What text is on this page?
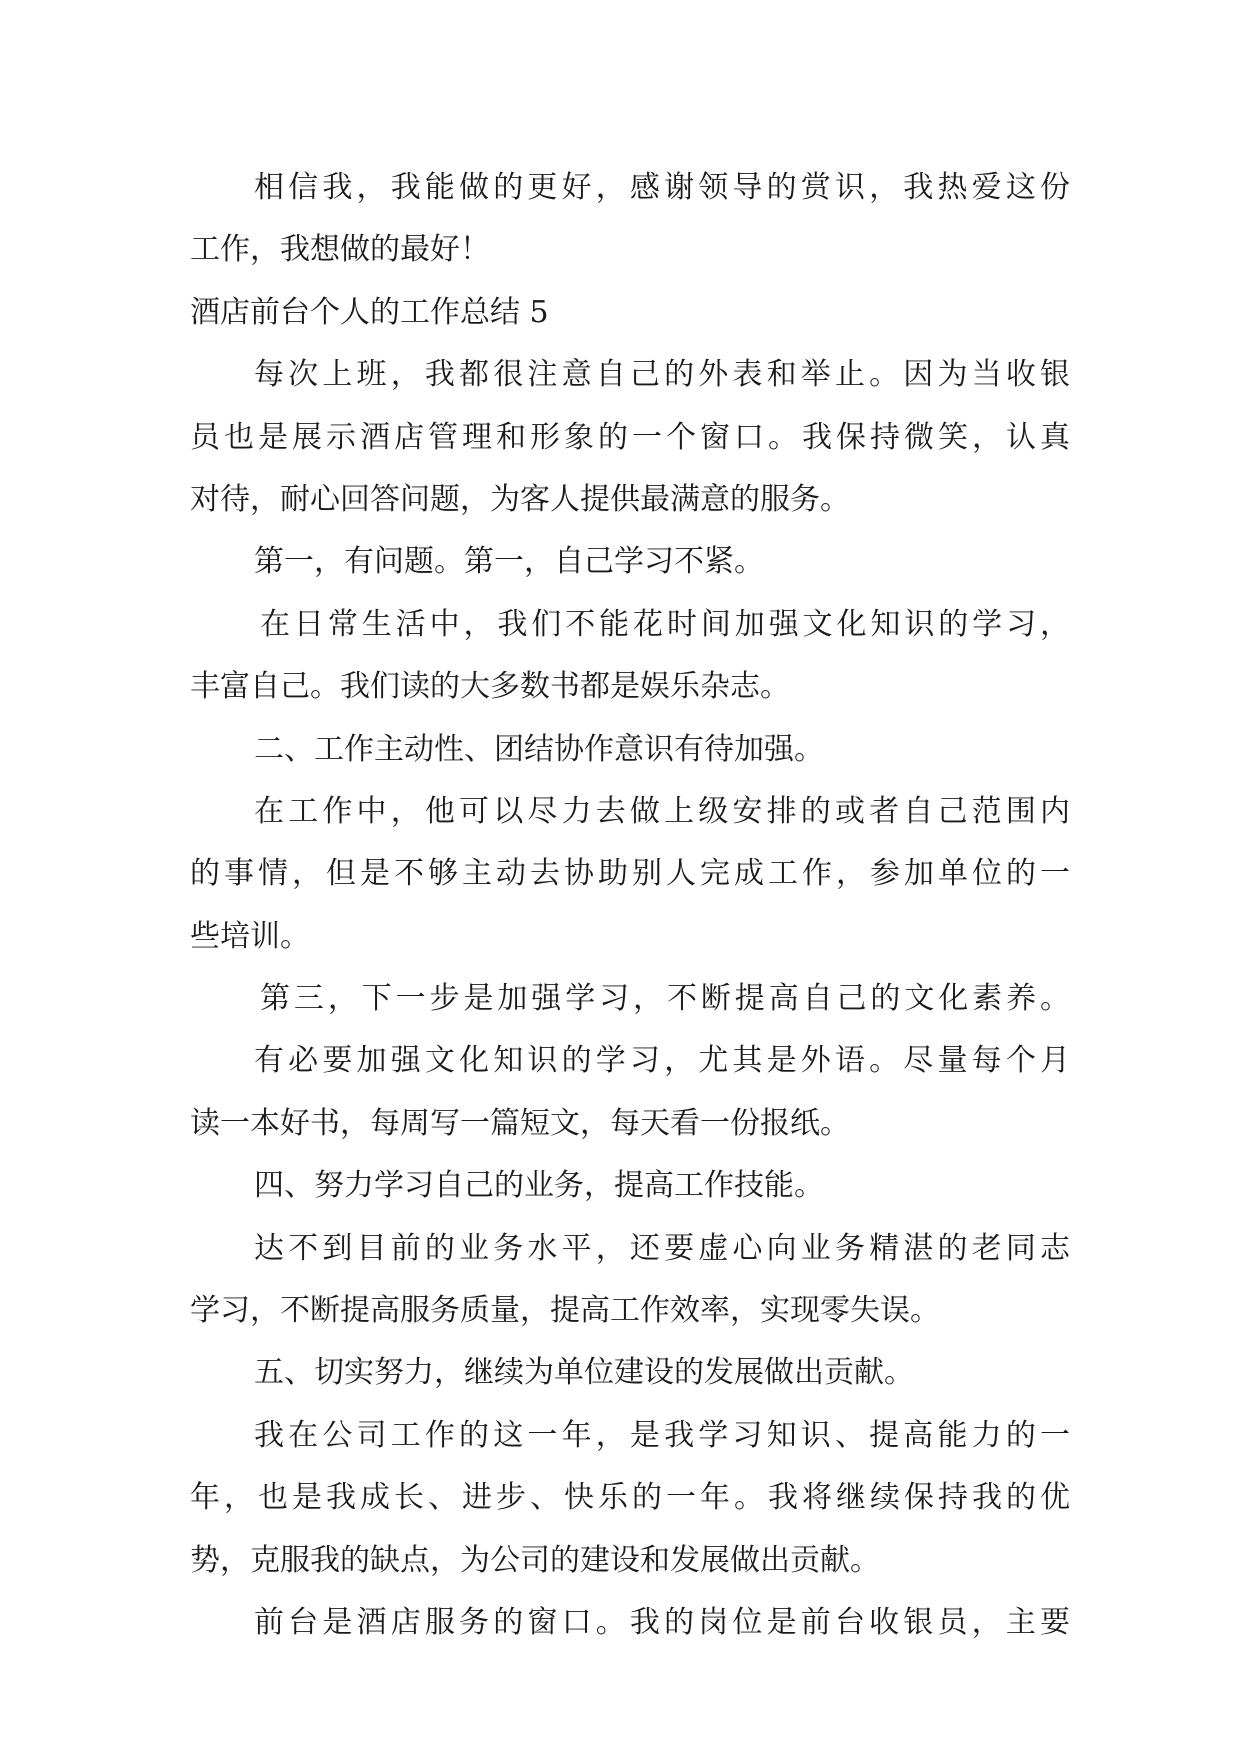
相信我，我能做的更好，感谢领导的赏识，我热爱这份
工作，我想做的最好！
酒店前台个人的工作总结 5
每次上班，我都很注意自己的外表和举止。因为当收银
员也是展示酒店管理和形象的一个窗口。我保持微笑，认真
对待，耐心回答问题，为客人提供最满意的服务。
第一，有问题。第一，自己学习不紧。
在日常生活中，我们不能花时间加强文化知识的学习，
丰富自己。我们读的大多数书都是娱乐杂志。
二、工作主动性、团结协作意识有待加强。
在工作中，他可以尽力去做上级安排的或者自己范围内
的事情，但是不够主动去协助别人完成工作，参加单位的一
些培训。
第三，下一步是加强学习，不断提高自己的文化素养。
有必要加强文化知识的学习，尤其是外语。尽量每个月
读一本好书，每周写一篇短文，每天看一份报纸。
四、努力学习自己的业务，提高工作技能。
达不到目前的业务水平，还要虚心向业务精湛的老同志
学习，不断提高服务质量，提高工作效率，实现零失误。
五、切实努力，继续为单位建设的发展做出贡献。
我在公司工作的这一年，是我学习知识、提高能力的一
年，也是我成长、进步、快乐的一年。我将继续保持我的优
势，克服我的缺点，为公司的建设和发展做出贡献。
前台是酒店服务的窗口。我的岗位是前台收银员，主要
